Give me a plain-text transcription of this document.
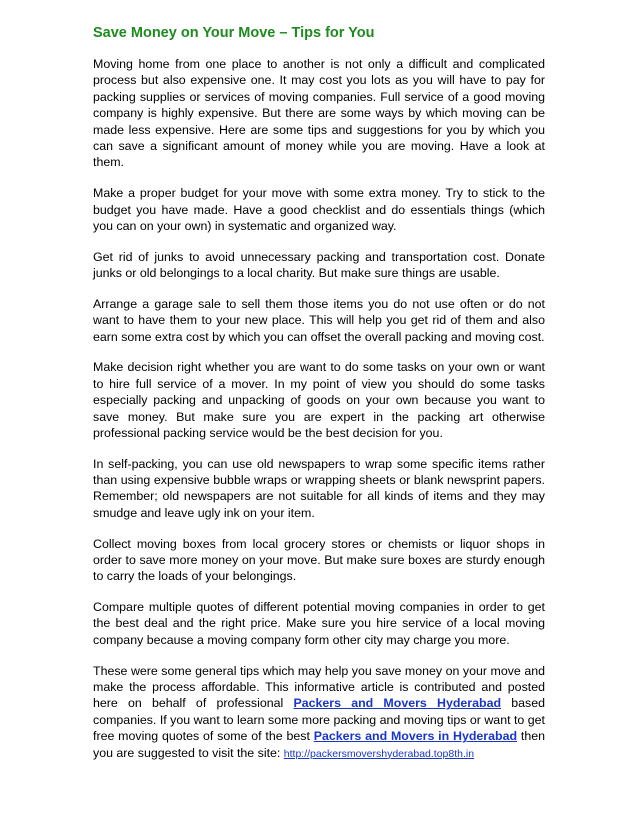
Save Money on Your Move – Tips for You

Moving home from one place to another is not only a difficult and complicated process but also expensive one. It may cost you lots as you will have to pay for packing supplies or services of moving companies. Full service of a good moving company is highly expensive. But there are some ways by which moving can be made less expensive. Here are some tips and suggestions for you by which you can save a significant amount of money while you are moving. Have a look at them.

Make a proper budget for your move with some extra money. Try to stick to the budget you have made. Have a good checklist and do essentials things (which you can on your own) in systematic and organized way.

Get rid of junks to avoid unnecessary packing and transportation cost. Donate junks or old belongings to a local charity. But make sure things are usable.

Arrange a garage sale to sell them those items you do not use often or do not want to have them to your new place. This will help you get rid of them and also earn some extra cost by which you can offset the overall packing and moving cost.

Make decision right whether you are want to do some tasks on your own or want to hire full service of a mover. In my point of view you should do some tasks especially packing and unpacking of goods on your own because you want to save money. But make sure you are expert in the packing art otherwise professional packing service would be the best decision for you.

In self-packing, you can use old newspapers to wrap some specific items rather than using expensive bubble wraps or wrapping sheets or blank newsprint papers. Remember; old newspapers are not suitable for all kinds of items and they may smudge and leave ugly ink on your item.

Collect moving boxes from local grocery stores or chemists or liquor shops in order to save more money on your move. But make sure boxes are sturdy enough to carry the loads of your belongings.

Compare multiple quotes of different potential moving companies in order to get the best deal and the right price. Make sure you hire service of a local moving company because a moving company form other city may charge you more.

These were some general tips which may help you save money on your move and make the process affordable. This informative article is contributed and posted here on behalf of professional Packers and Movers Hyderabad based companies. If you want to learn some more packing and moving tips or want to get free moving quotes of some of the best Packers and Movers in Hyderabad then you are suggested to visit the site: http://packersmovershyderabad.top8th.in
